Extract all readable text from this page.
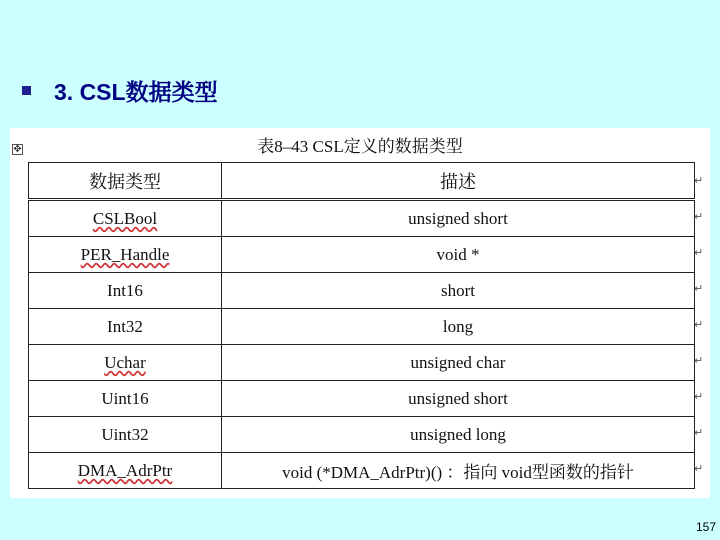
3. CSL数据类型
✥	表8–43 CSL定义的数据类型
数据类型	描述
CSLBool	unsigned short
PER_Handle	void *
Int16	short
Int32	long
Uchar	unsigned char
Uint16	unsigned short
Uint32	unsigned long
DMA_AdrPtr	void (*DMA_AdrPtr)() ：指向 void型函数的指针
↵
↵
↵
↵
↵
↵
↵
↵
↵
157
